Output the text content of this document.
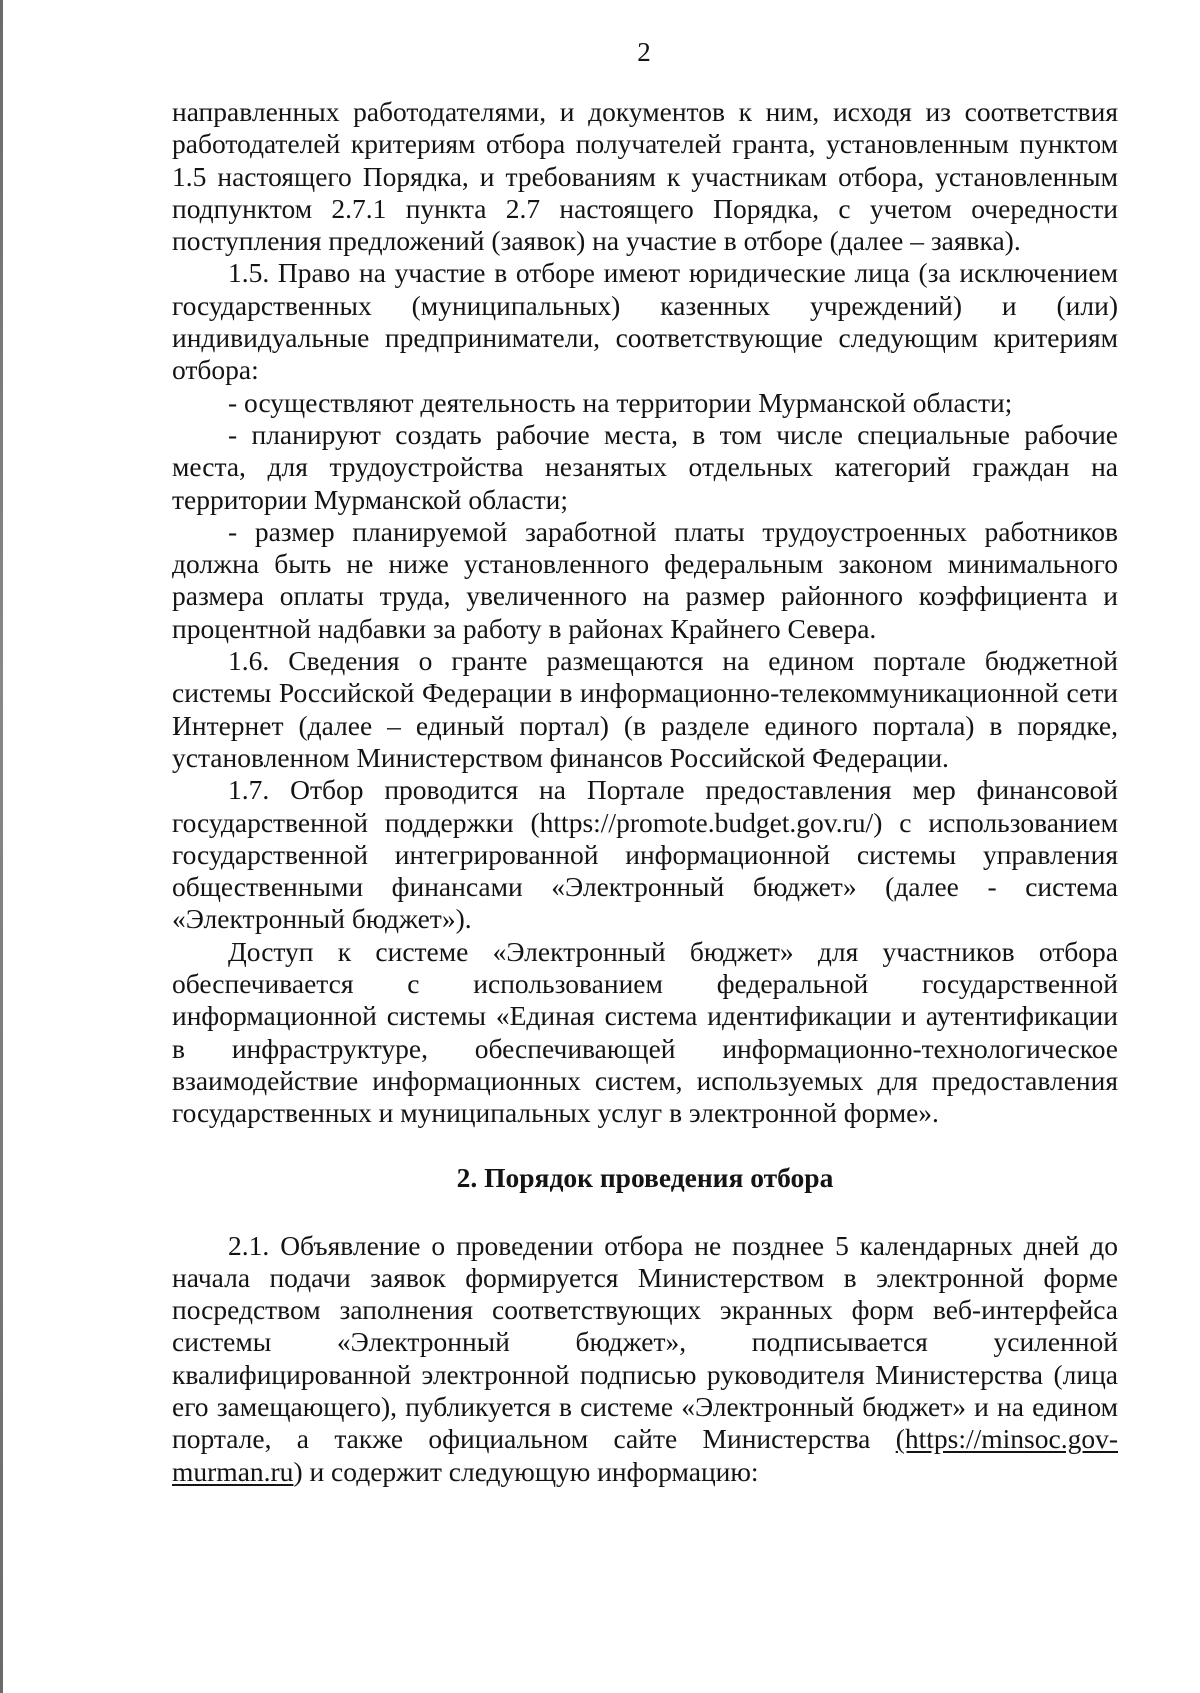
2

направленных работодателями, и документов к ним, исходя из соответствия работодателей критериям отбора получателей гранта, установленным пунктом 1.5 настоящего Порядка, и требованиям к участникам отбора, установленным подпунктом 2.7.1 пункта 2.7 настоящего Порядка, с учетом очередности поступления предложений (заявок) на участие в отборе (далее – заявка).

1.5. Право на участие в отборе имеют юридические лица (за исключением государственных (муниципальных) казенных учреждений) и (или) индивидуальные предприниматели, соответствующие следующим критериям отбора:

- осуществляют деятельность на территории Мурманской области;

- планируют создать рабочие места, в том числе специальные рабочие места, для трудоустройства незанятых отдельных категорий граждан на территории Мурманской области;

- размер планируемой заработной платы трудоустроенных работников должна быть не ниже установленного федеральным законом минимального размера оплаты труда, увеличенного на размер районного коэффициента и процентной надбавки за работу в районах Крайнего Севера.

1.6. Сведения о гранте размещаются на едином портале бюджетной системы Российской Федерации в информационно-телекоммуникационной сети Интернет (далее – единый портал) (в разделе единого портала) в порядке, установленном Министерством финансов Российской Федерации.

1.7. Отбор проводится на Портале предоставления мер финансовой государственной поддержки (https://promote.budget.gov.ru/) с использованием государственной интегрированной информационной системы управления общественными финансами «Электронный бюджет» (далее - система «Электронный бюджет»).

Доступ к системе «Электронный бюджет» для участников отбора обеспечивается с использованием федеральной государственной информационной системы «Единая система идентификации и аутентификации в инфраструктуре, обеспечивающей информационно-технологическое взаимодействие информационных систем, используемых для предоставления государственных и муниципальных услуг в электронной форме».

2. Порядок проведения отбора

2.1. Объявление о проведении отбора не позднее 5 календарных дней до начала подачи заявок формируется Министерством в электронной форме посредством заполнения соответствующих экранных форм веб-интерфейса системы «Электронный бюджет», подписывается усиленной квалифицированной электронной подписью руководителя Министерства (лица его замещающего), публикуется в системе «Электронный бюджет» и на едином портале, а также официальном сайте Министерства (https://minsoc.gov-murman.ru) и содержит следующую информацию:
